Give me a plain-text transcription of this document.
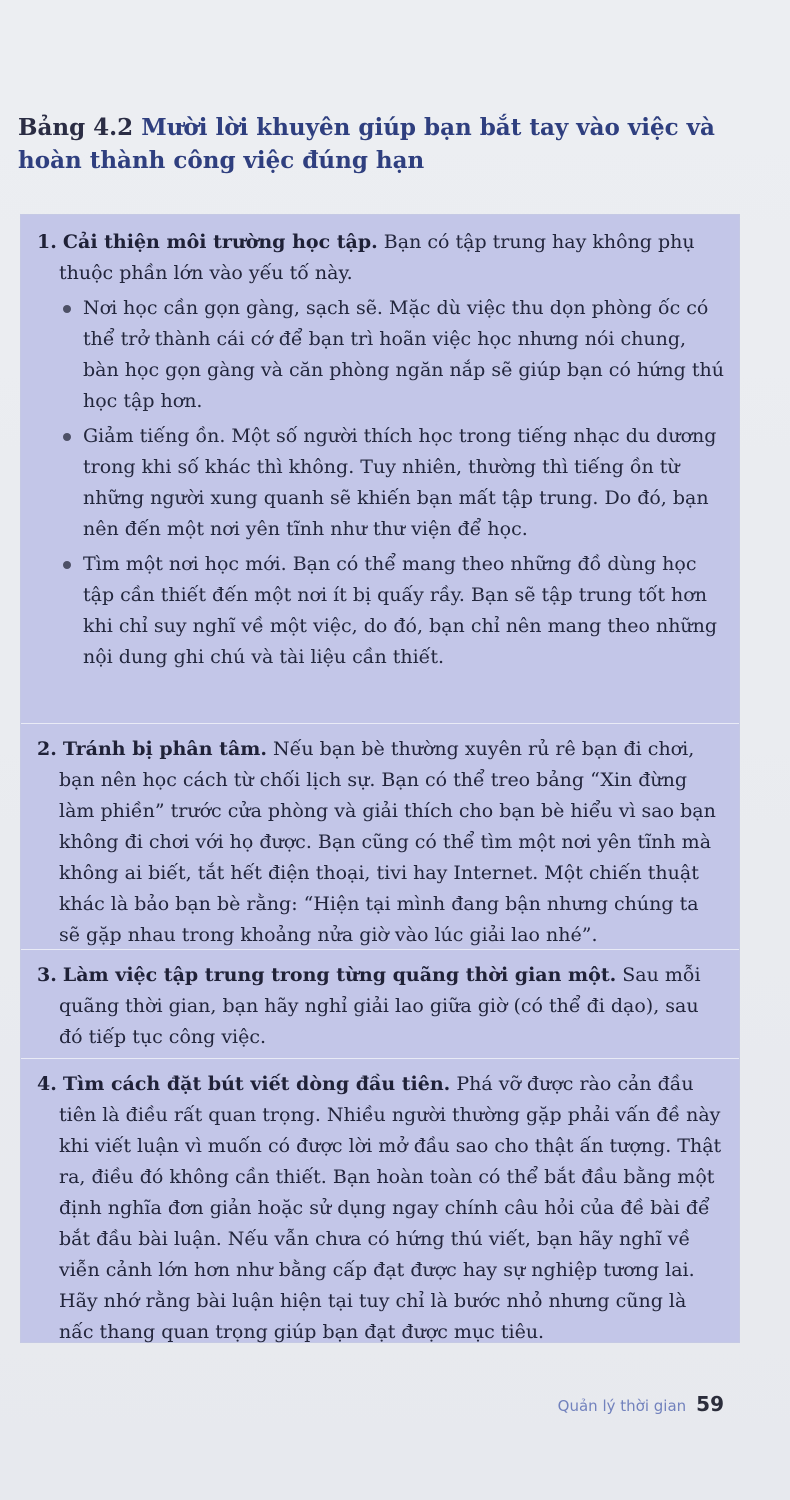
Bảng 4.2 Mười lời khuyên giúp bạn bắt tay vào việc và hoàn thành công việc đúng hạn

1. Cải thiện môi trường học tập. Bạn có tập trung hay không phụ thuộc phần lớn vào yếu tố này.

Nơi học cần gọn gàng, sạch sẽ. Mặc dù việc thu dọn phòng ốc có thể trở thành cái cớ để bạn trì hoãn việc học nhưng nói chung, bàn học gọn gàng và căn phòng ngăn nắp sẽ giúp bạn có hứng thú học tập hơn.
Giảm tiếng ồn. Một số người thích học trong tiếng nhạc du dương trong khi số khác thì không. Tuy nhiên, thường thì tiếng ồn từ những người xung quanh sẽ khiến bạn mất tập trung. Do đó, bạn nên đến một nơi yên tĩnh như thư viện để học.
Tìm một nơi học mới. Bạn có thể mang theo những đồ dùng học tập cần thiết đến một nơi ít bị quấy rầy. Bạn sẽ tập trung tốt hơn khi chỉ suy nghĩ về một việc, do đó, bạn chỉ nên mang theo những nội dung ghi chú và tài liệu cần thiết.

2. Tránh bị phân tâm. Nếu bạn bè thường xuyên rủ rê bạn đi chơi, bạn nên học cách từ chối lịch sự. Bạn có thể treo bảng “Xin đừng làm phiền” trước cửa phòng và giải thích cho bạn bè hiểu vì sao bạn không đi chơi với họ được. Bạn cũng có thể tìm một nơi yên tĩnh mà không ai biết, tắt hết điện thoại, tivi hay Internet. Một chiến thuật khác là bảo bạn bè rằng: “Hiện tại mình đang bận nhưng chúng ta sẽ gặp nhau trong khoảng nửa giờ vào lúc giải lao nhé”.

3. Làm việc tập trung trong từng quãng thời gian một. Sau mỗi quãng thời gian, bạn hãy nghỉ giải lao giữa giờ (có thể đi dạo), sau đó tiếp tục công việc.

4. Tìm cách đặt bút viết dòng đầu tiên. Phá vỡ được rào cản đầu tiên là điều rất quan trọng. Nhiều người thường gặp phải vấn đề này khi viết luận vì muốn có được lời mở đầu sao cho thật ấn tượng. Thật ra, điều đó không cần thiết. Bạn hoàn toàn có thể bắt đầu bằng một định nghĩa đơn giản hoặc sử dụng ngay chính câu hỏi của đề bài để bắt đầu bài luận. Nếu vẫn chưa có hứng thú viết, bạn hãy nghĩ về viễn cảnh lớn hơn như bằng cấp đạt được hay sự nghiệp tương lai. Hãy nhớ rằng bài luận hiện tại tuy chỉ là bước nhỏ nhưng cũng là nấc thang quan trọng giúp bạn đạt được mục tiêu.

Quản lý thời gian 59
